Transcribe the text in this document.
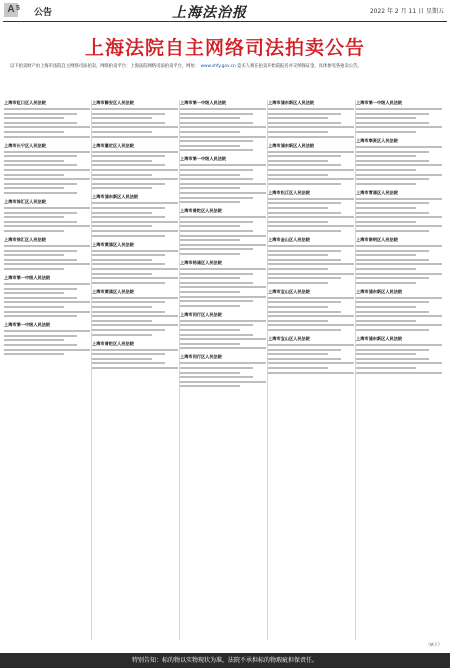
A 5 公告	上海法治报	2022 年 2 月 11 日 星期五
上海法院自主网络司法拍卖公告
以下拍卖财产由上海市法院自主网络司法拍卖，网络拍卖平台：上海法院网络司法拍卖平台，网址： www.shfy.gov.cn 竞买人须在拍卖开始前报名并交纳保证金，具体参见各拍卖公告。
上海市虹口区人民法院
上海市长宁区人民法院
上海市徐汇区人民法院
上海市徐汇区人民法院
上海市第一中级人民法院
上海市第一中级人民法院
上海市静安区人民法院
上海市嘉定区人民法院
上海市浦东新区人民法院
上海市黄浦区人民法院
上海市黄浦区人民法院
上海市普陀区人民法院
上海市第一中级人民法院
上海市第一中级人民法院
上海市普陀区人民法院
上海市杨浦区人民法院
上海市闵行区人民法院
上海市闵行区人民法院
上海市浦东新区人民法院
上海市浦东新区人民法院
上海市松江区人民法院
上海市金山区人民法院
上海市宝山区人民法院
上海市宝山区人民法院
上海市第一中级人民法院
上海市奉贤区人民法院
上海市青浦区人民法院
上海市崇明区人民法院
上海市浦东新区人民法院
上海市浦东新区人民法院
（转下）
特别告知：标的物以实物现状为准，法院不承担标的物瑕疵担保责任。
